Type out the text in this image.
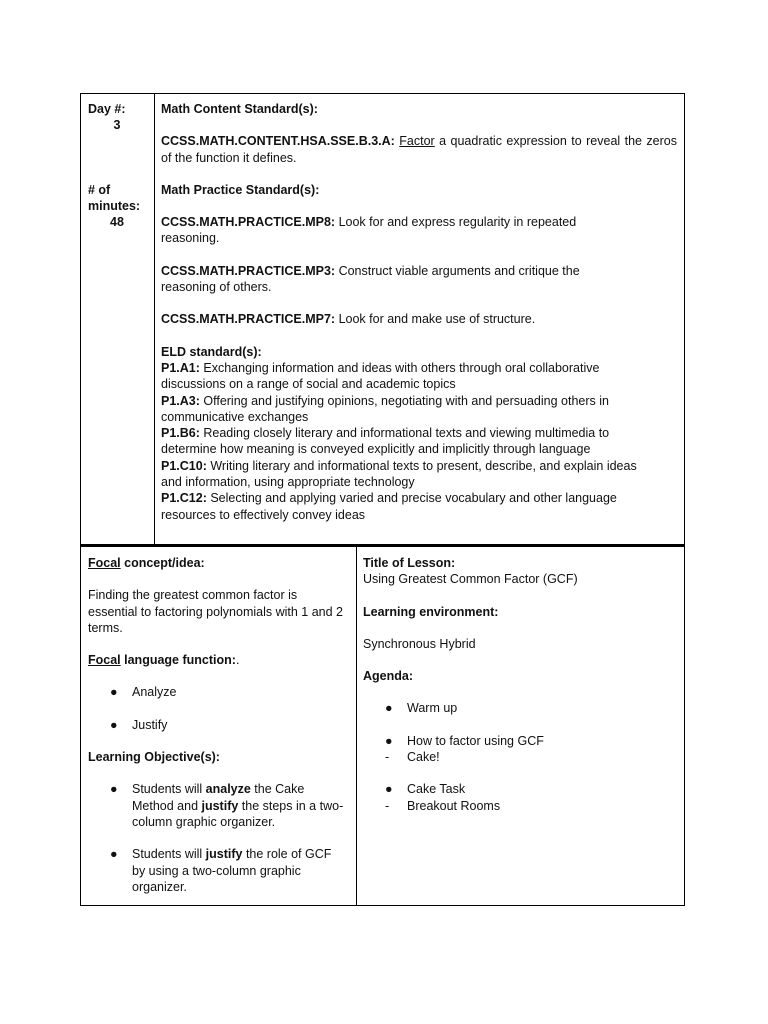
Day #:

3

# of

minutes:

48

Math Content Standard(s):

CCSS.MATH.CONTENT.HSA.SSE.B.3.A: Factor a quadratic expression to reveal the zeros of the function it defines.

Math Practice Standard(s):

CCSS.MATH.PRACTICE.MP8: Look for and express regularity in repeated reasoning.

CCSS.MATH.PRACTICE.MP3: Construct viable arguments and critique the reasoning of others.

CCSS.MATH.PRACTICE.MP7: Look for and make use of structure.

ELD standard(s):

P1.A1: Exchanging information and ideas with others through oral collaborative discussions on a range of social and academic topics

P1.A3: Offering and justifying opinions, negotiating with and persuading others in communicative exchanges

P1.B6: Reading closely literary and informational texts and viewing multimedia to determine how meaning is conveyed explicitly and implicitly through language

P1.C10: Writing literary and informational texts to present, describe, and explain ideas and information, using appropriate technology

P1.C12: Selecting and applying varied and precise vocabulary and other language resources to effectively convey ideas

Focal concept/idea:

Finding the greatest common factor is essential to factoring polynomials with 1 and 2 terms.

Focal language function:.

● Analyze
● Justify

Learning Objective(s):

● Students will analyze the Cake Method and justify the steps in a two-column graphic organizer.
● Students will justify the role of GCF by using a two-column graphic organizer.

Title of Lesson:

Using Greatest Common Factor (GCF)

Learning environment:

Synchronous Hybrid

Agenda:

● Warm up
● How to factor using GCF
- Cake!
● Cake Task
- Breakout Rooms
